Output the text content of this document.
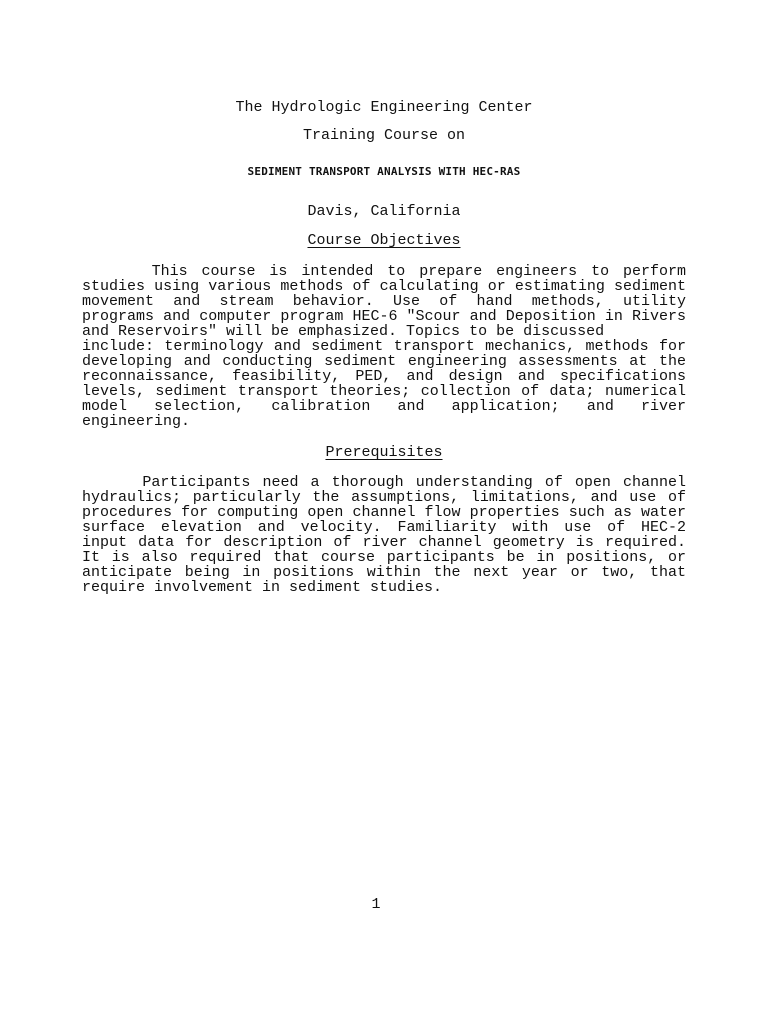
The Hydrologic Engineering Center
Training Course on
SEDIMENT TRANSPORT ANALYSIS WITH HEC-RAS
Davis, California
Course Objectives
This course is intended to prepare engineers to perform
studies using various methods of calculating or estimating sediment
movement and stream behavior. Use of hand methods, utility
programs and computer program HEC-6 "Scour and Deposition in Rivers
and Reservoirs" will be emphasized. Topics to be discussed
include: terminology and sediment transport mechanics, methods for
developing and conducting sediment engineering assessments at the
reconnaissance, feasibility, PED, and design and specifications
levels, sediment transport theories; collection of data; numerical
model selection, calibration and application; and river
engineering.
Prerequisites
Participants need a thorough understanding of open channel
hydraulics; particularly the assumptions, limitations, and use of
procedures for computing open channel flow properties such as water
surface elevation and velocity. Familiarity with use of HEC-2
input data for description of river channel geometry is required.
It is also required that course participants be in positions, or
anticipate being in positions within the next year or two, that
require involvement in sediment studies.
1
